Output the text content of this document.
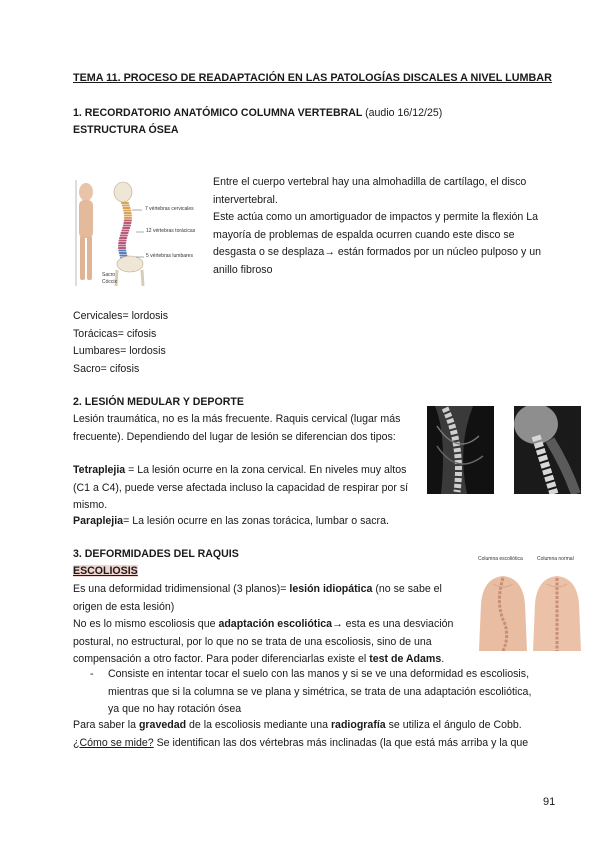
TEMA 11. PROCESO DE READAPTACIÓN EN LAS PATOLOGÍAS DISCALES A NIVEL LUMBAR
1. RECORDATORIO ANATÓMICO COLUMNA VERTEBRAL (audio 16/12/25)
ESTRUCTURA ÓSEA
7 vértebras cervicales
12 vértebras torácicas
5 vértebras lumbares
Sacro
Cóccix
Entre el cuerpo vertebral hay una almohadilla de cartílago, el disco
intervertebral.
Este actúa como un amortiguador de impactos y permite la flexión La
mayoría de problemas de espalda ocurren cuando este disco se
desgasta o se desplaza→ están formados por un núcleo pulposo y un
anillo fibroso
Cervicales= lordosis
Torácicas= cifosis
Lumbares= lordosis
Sacro= cifosis
2. LESIÓN MEDULAR Y DEPORTE
Lesión traumática, no es la más frecuente. Raquis cervical (lugar más
frecuente). Dependiendo del lugar de lesión se diferencian dos tipos:
Tetraplejia = La lesión ocurre en la zona cervical. En niveles muy altos
(C1 a C4), puede verse afectada incluso la capacidad de respirar por sí
mismo.
Paraplejia= La lesión ocurre en las zonas torácica, lumbar o sacra.
3. DEFORMIDADES DEL RAQUIS
ESCOLIOSIS
Columna escoliótica	Columna normal
Es una deformidad tridimensional (3 planos)= lesión idiopática (no se sabe el
origen de esta lesión)
No es lo mismo escoliosis que adaptación escoliótica→ esta es una desviación
postural, no estructural, por lo que no se trata de una escoliosis, sino de una
compensación a otro factor. Para poder diferenciarlas existe el test de Adams.
- Consiste en intentar tocar el suelo con las manos y si se ve una deformidad es escoliosis,
mientras que si la columna se ve plana y simétrica, se trata de una adaptación escoliótica,
ya que no hay rotación ósea
Para saber la gravedad de la escoliosis mediante una radiografía se utiliza el ángulo de Cobb.
¿Cómo se mide? Se identifican las dos vértebras más inclinadas (la que está más arriba y la que
91
